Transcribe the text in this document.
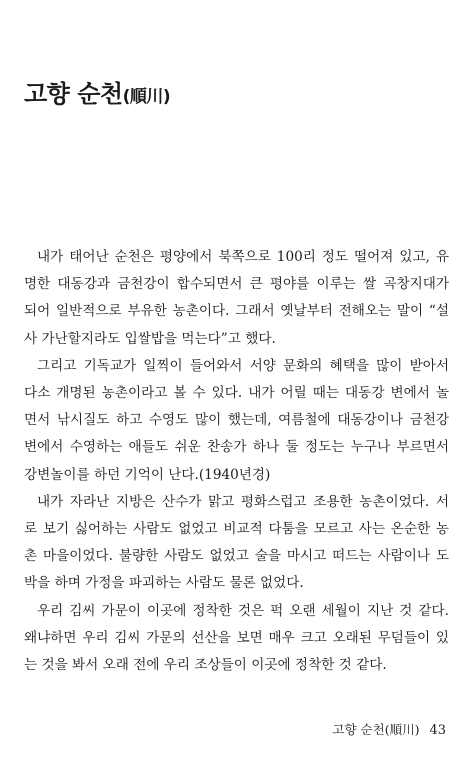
고향 순천(順川)
내가 태어난 순천은 평양에서 북쪽으로 100리 정도 떨어져 있고, 유
명한 대동강과 금천강이 합수되면서 큰 평야를 이루는 쌀 곡창지대가
되어 일반적으로 부유한 농촌이다. 그래서 옛날부터 전해오는 말이 “설
사 가난할지라도 입쌀밥을 먹는다”고 했다.
그리고 기독교가 일찍이 들어와서 서양 문화의 혜택을 많이 받아서
다소 개명된 농촌이라고 볼 수 있다. 내가 어릴 때는 대동강 변에서 놀
면서 낚시질도 하고 수영도 많이 했는데, 여름철에 대동강이나 금천강
변에서 수영하는 애들도 쉬운 찬송가 하나 둘 정도는 누구나 부르면서
강변놀이를 하던 기억이 난다.(1940년경)
내가 자라난 지방은 산수가 맑고 평화스럽고 조용한 농촌이었다. 서
로 보기 싫어하는 사람도 없었고 비교적 다툼을 모르고 사는 온순한 농
촌 마을이었다. 불량한 사람도 없었고 술을 마시고 떠드는 사람이나 도
박을 하며 가정을 파괴하는 사람도 물론 없었다.
우리 김씨 가문이 이곳에 정착한 것은 퍽 오랜 세월이 지난 것 같다.
왜냐하면 우리 김씨 가문의 선산을 보면 매우 크고 오래된 무덤들이 있
는 것을 봐서 오래 전에 우리 조상들이 이곳에 정착한 것 같다.
고향 순천(順川) 43
